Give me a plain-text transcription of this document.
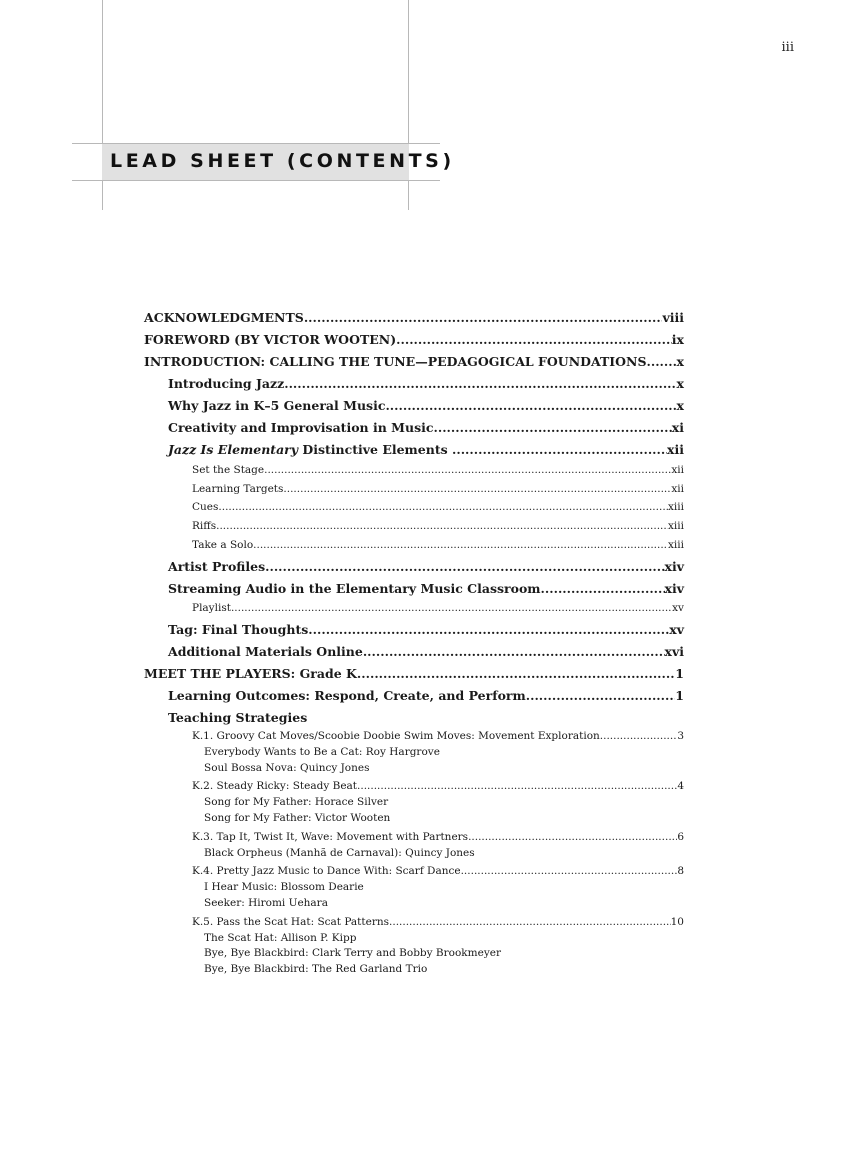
LEAD SHEET (CONTENTS)
iii
ACKNOWLEDGMENTS .....	viii
FOREWORD (BY VICTOR WOOTEN) .....	ix
INTRODUCTION: CALLING THE TUNE—PEDAGOGICAL FOUNDATIONS ..... x
Introducing Jazz .....	x
Why Jazz in K–5 General Music .....	x
Creativity and Improvisation in Music .....	xi
Jazz Is Elementary Distinctive Elements .....	xii
Set the Stage .....	xii
Learning Targets .....	xii
Cues .....	xiii
Riffs .....	xiii
Take a Solo .....	xiii
Artist Profiles .....	xiv
Streaming Audio in the Elementary Music Classroom .....	xiv
Playlist .....	xv
Tag: Final Thoughts .....	xv
Additional Materials Online .....	xvi
MEET THE PLAYERS: Grade K .....	1
Learning Outcomes: Respond, Create, and Perform .....	1
Teaching Strategies
K.1. Groovy Cat Moves/Scoobie Doobie Swim Moves: Movement Exploration .....	3
Everybody Wants to Be a Cat: Roy Hargrove
Soul Bossa Nova: Quincy Jones
K.2. Steady Ricky: Steady Beat .....	4
Song for My Father: Horace Silver
Song for My Father: Victor Wooten
K.3. Tap It, Twist It, Wave: Movement with Partners .....	6
Black Orpheus (Manhã de Carnaval): Quincy Jones
K.4. Pretty Jazz Music to Dance With: Scarf Dance .....	8
I Hear Music: Blossom Dearie
Seeker: Hiromi Uehara
K.5. Pass the Scat Hat: Scat Patterns .....	10
The Scat Hat: Allison P. Kipp
Bye, Bye Blackbird: Clark Terry and Bobby Brookmeyer
Bye, Bye Blackbird: The Red Garland Trio
